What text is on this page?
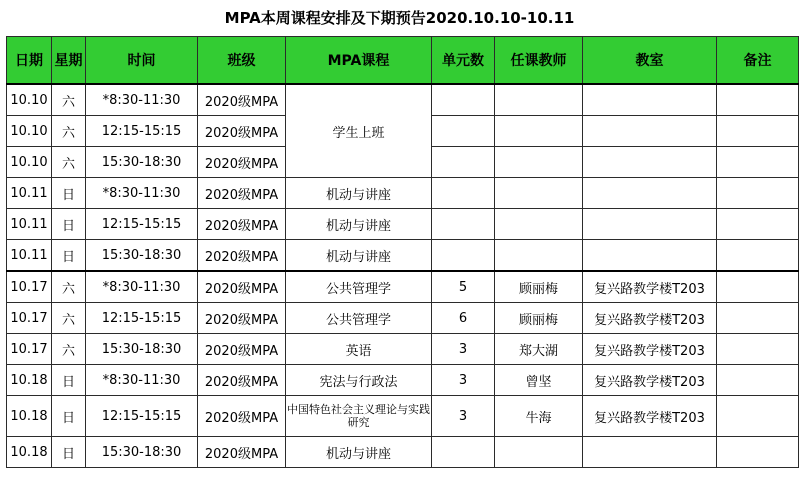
MPA本周课程安排及下期预告2020.10.10-10.11
日期	星期	时间	班级	MPA课程	单元数	任课教师	教室	备注
10.10	六	*8:30-11:30	2020级MPA	学生上班				
10.10	六	12:15-15:15	2020级MPA					
10.10	六	15:30-18:30	2020级MPA					
10.11	日	*8:30-11:30	2020级MPA	机动与讲座				
10.11	日	12:15-15:15	2020级MPA	机动与讲座				
10.11	日	15:30-18:30	2020级MPA	机动与讲座				
10.17	六	*8:30-11:30	2020级MPA	公共管理学	5	顾丽梅	复兴路教学楼T203	
10.17	六	12:15-15:15	2020级MPA	公共管理学	6	顾丽梅	复兴路教学楼T203	
10.17	六	15:30-18:30	2020级MPA	英语	3	郑大湖	复兴路教学楼T203	
10.18	日	*8:30-11:30	2020级MPA	宪法与行政法	3	曾坚	复兴路教学楼T203	
10.18	日	12:15-15:15	2020级MPA	中国特色社会主义理论与实践研究	3	牛海	复兴路教学楼T203	
10.18	日	15:30-18:30	2020级MPA	机动与讲座				
